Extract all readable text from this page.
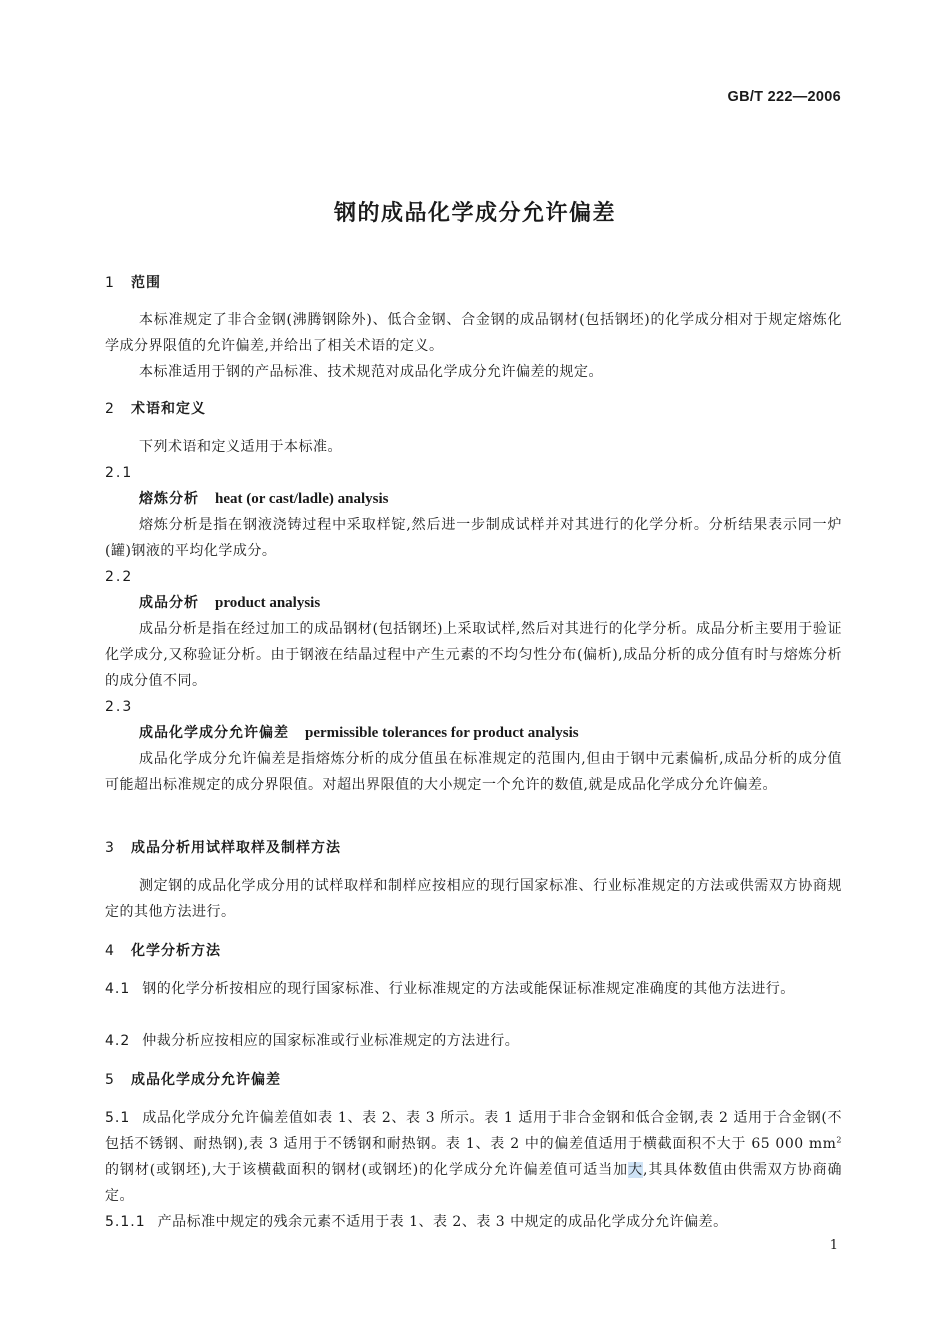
GB/T 222—2006
钢的成品化学成分允许偏差
1 范围
本标准规定了非合金钢(沸腾钢除外)、低合金钢、合金钢的成品钢材(包括钢坯)的化学成分相对于规定熔炼化学成分界限值的允许偏差,并给出了相关术语的定义。
本标准适用于钢的产品标准、技术规范对成品化学成分允许偏差的规定。
2 术语和定义
下列术语和定义适用于本标准。
2.1
熔炼分析 heat (or cast/ladle) analysis
熔炼分析是指在钢液浇铸过程中采取样锭,然后进一步制成试样并对其进行的化学分析。分析结果表示同一炉(罐)钢液的平均化学成分。
2.2
成品分析 product analysis
成品分析是指在经过加工的成品钢材(包括钢坯)上采取试样,然后对其进行的化学分析。成品分析主要用于验证化学成分,又称验证分析。由于钢液在结晶过程中产生元素的不均匀性分布(偏析),成品分析的成分值有时与熔炼分析的成分值不同。
2.3
成品化学成分允许偏差 permissible tolerances for product analysis
成品化学成分允许偏差是指熔炼分析的成分值虽在标准规定的范围内,但由于钢中元素偏析,成品分析的成分值可能超出标准规定的成分界限值。对超出界限值的大小规定一个允许的数值,就是成品化学成分允许偏差。
3 成品分析用试样取样及制样方法
测定钢的成品化学成分用的试样取样和制样应按相应的现行国家标准、行业标准规定的方法或供需双方协商规定的其他方法进行。
4 化学分析方法
4.1 钢的化学分析按相应的现行国家标准、行业标准规定的方法或能保证标准规定准确度的其他方法进行。
4.2 仲裁分析应按相应的国家标准或行业标准规定的方法进行。
5 成品化学成分允许偏差
5.1 成品化学成分允许偏差值如表 1、表 2、表 3 所示。表 1 适用于非合金钢和低合金钢,表 2 适用于合金钢(不包括不锈钢、耐热钢),表 3 适用于不锈钢和耐热钢。表 1、表 2 中的偏差值适用于横截面积不大于 65 000 $mm^2$ 的钢材(或钢坯),大于该横截面积的钢材(或钢坯)的化学成分允许偏差值可适当加大,其具体数值由供需双方协商确定。
5.1.1 产品标准中规定的残余元素不适用于表 1、表 2、表 3 中规定的成品化学成分允许偏差。
1
